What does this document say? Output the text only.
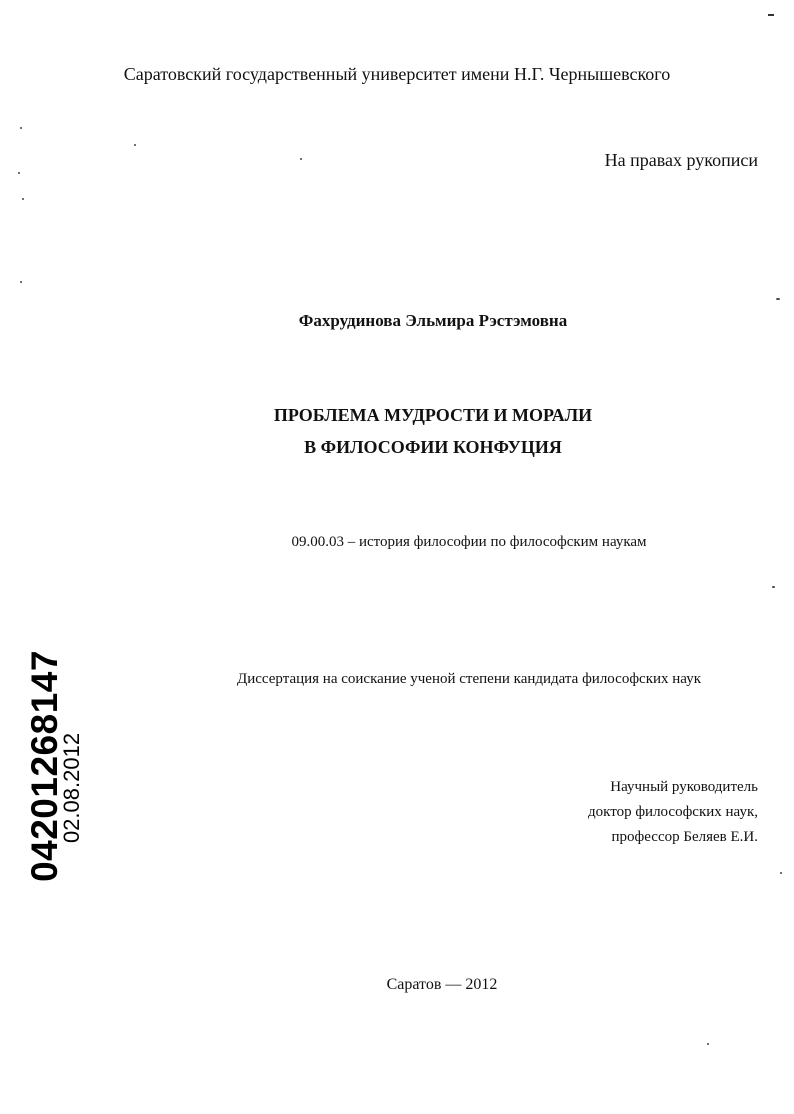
Саратовский государственный университет имени Н.Г. Чернышевского

На правах рукописи

Фахрудинова Эльмира Рэстэмовна

ПРОБЛЕМА МУДРОСТИ И МОРАЛИ

В ФИЛОСОФИИ КОНФУЦИЯ

09.00.03 – история философии по философским наукам

Диссертация на соискание ученой степени кандидата философских наук

Научный руководитель

доктор философских наук,

профессор Беляев Е.И.

Саратов — 2012

04201268147
02.08.2012
